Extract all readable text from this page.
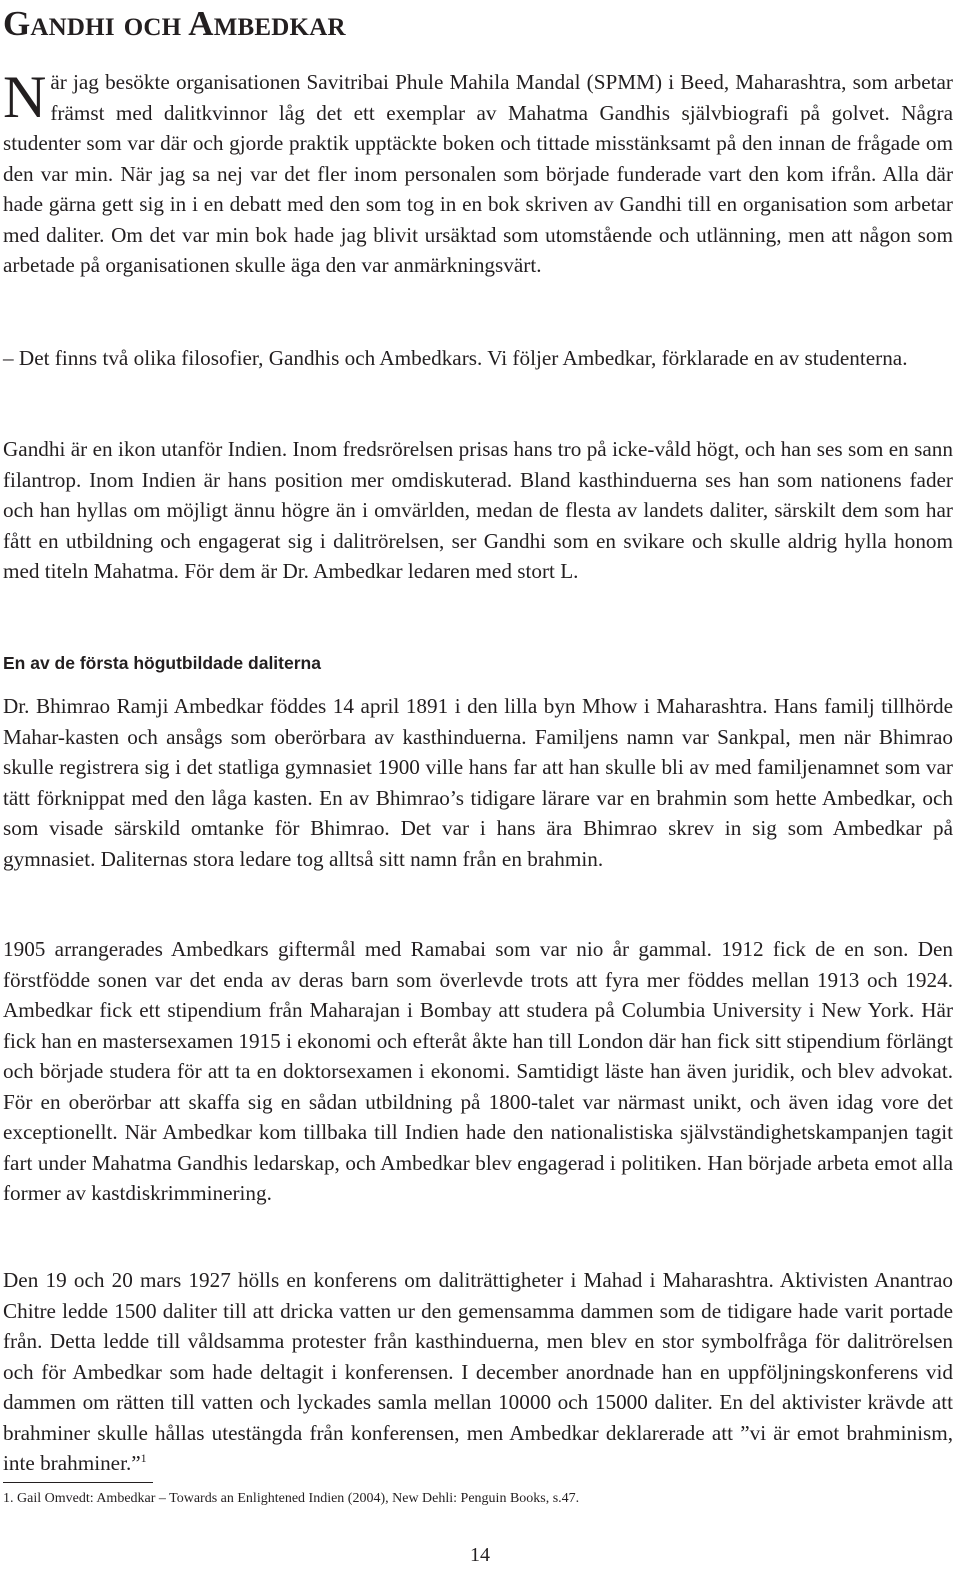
Gandhi och Ambedkar

När jag besökte organisationen Savitribai Phule Mahila Mandal (SPMM) i Beed, Maharashtra, som arbetar främst med dalitkvinnor låg det ett exemplar av Mahatma Gandhis självbiografi på golvet. Några studenter som var där och gjorde praktik upptäckte boken och tittade misstänksamt på den innan de frågade om den var min. När jag sa nej var det fler inom personalen som började funderade vart den kom ifrån. Alla där hade gärna gett sig in i en debatt med den som tog in en bok skriven av Gandhi till en organisation som arbetar med daliter. Om det var min bok hade jag blivit ursäktad som utomstående och utlänning, men att någon som arbetade på organisationen skulle äga den var anmärkningsvärt.

– Det finns två olika filosofier, Gandhis och Ambedkars. Vi följer Ambedkar, förklarade en av studenterna.

Gandhi är en ikon utanför Indien. Inom fredsrörelsen prisas hans tro på icke-våld högt, och han ses som en sann filantrop. Inom Indien är hans position mer omdiskuterad. Bland kasthinduerna ses han som nationens fader och han hyllas om möjligt ännu högre än i omvärlden, medan de flesta av landets daliter, särskilt dem som har fått en utbildning och engagerat sig i dalitrörelsen, ser Gandhi som en svikare och skulle aldrig hylla honom med titeln Mahatma. För dem är Dr. Ambedkar ledaren med stort L.

En av de första högutbildade daliterna

Dr. Bhimrao Ramji Ambedkar föddes 14 april 1891 i den lilla byn Mhow i Maharashtra. Hans familj tillhörde Mahar-kasten och ansågs som oberörbara av kasthinduerna. Familjens namn var Sankpal, men när Bhimrao skulle registrera sig i det statliga gymnasiet 1900 ville hans far att han skulle bli av med familjenamnet som var tätt förknippat med den låga kasten. En av Bhimrao’s tidigare lärare var en brahmin som hette Ambedkar, och som visade särskild omtanke för Bhimrao. Det var i hans ära Bhimrao skrev in sig som Ambedkar på gymnasiet. Daliternas stora ledare tog alltså sitt namn från en brahmin.

1905 arrangerades Ambedkars giftermål med Ramabai som var nio år gammal. 1912 fick de en son. Den förstfödde sonen var det enda av deras barn som överlevde trots att fyra mer föddes mellan 1913 och 1924. Ambedkar fick ett stipendium från Maharajan i Bombay att studera på Columbia University i New York. Här fick han en mastersexamen 1915 i ekonomi och efteråt åkte han till London där han fick sitt stipendium förlängt och började studera för att ta en doktorsexamen i ekonomi. Samtidigt läste han även juridik, och blev advokat. För en oberörbar att skaffa sig en sådan utbildning på 1800-talet var närmast unikt, och även idag vore det exceptionellt. När Ambedkar kom tillbaka till Indien hade den nationalistiska självständighetskampanjen tagit fart under Mahatma Gandhis ledarskap, och Ambedkar blev engagerad i politiken. Han började arbeta emot alla former av kastdiskrimminering.

Den 19 och 20 mars 1927 hölls en konferens om daliträttigheter i Mahad i Maharashtra. Aktivisten Anantrao Chitre ledde 1500 daliter till att dricka vatten ur den gemensamma dammen som de tidigare hade varit portade från. Detta ledde till våldsamma protester från kasthinduerna, men blev en stor symbolfråga för dalitrörelsen och för Ambedkar som hade deltagit i konferensen. I december anordnade han en uppföljningskonferens vid dammen om rätten till vatten och lyckades samla mellan 10000 och 15000 daliter. En del aktivister krävde att brahminer skulle hållas utestängda från konferensen, men Ambedkar deklarerade att ”vi är emot brahminism, inte brahminer.”$^1$

1. Gail Omvedt: Ambedkar – Towards an Enlightened Indien (2004), New Dehli: Penguin Books, s.47.

14
